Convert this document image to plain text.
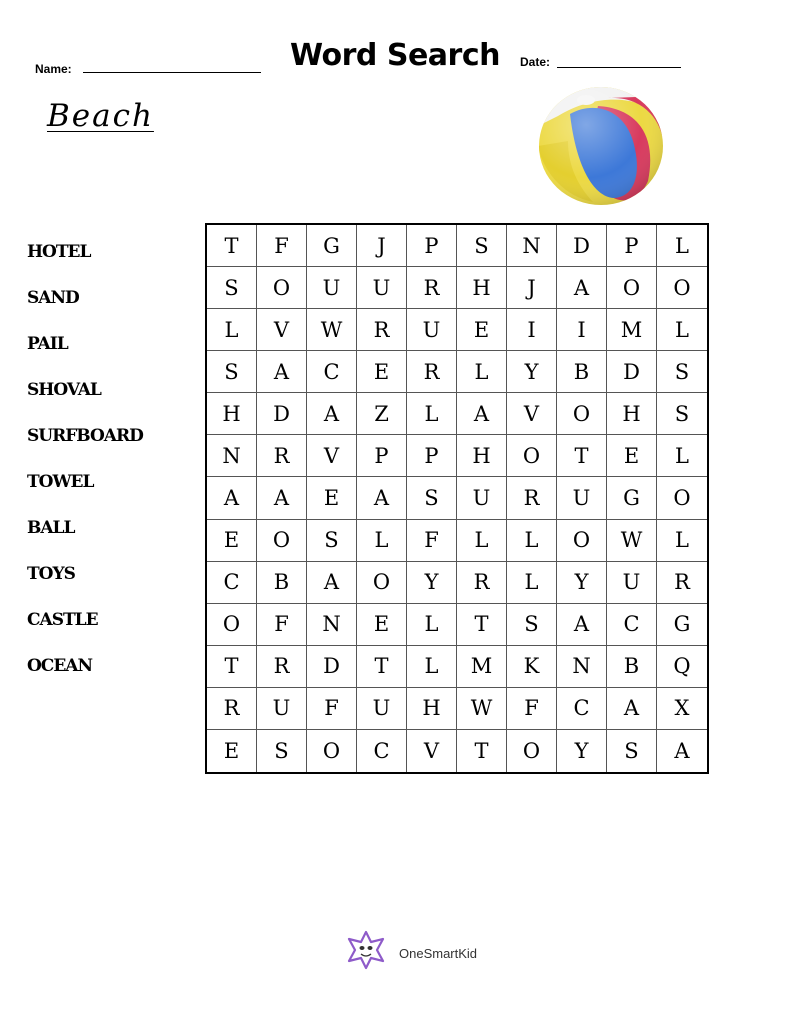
Name:	Word Search Date:
Beach
HOTEL
SAND
PAIL
SHOVAL
SURFBOARD
TOWEL
BALL
TOYS
CASTLE
OCEAN
T	F	G	J	P	S	N	D	P	L
S	O	U	U	R	H	J	A	O	O
L	V	W	R	U	E	I	I	M	L
S	A	C	E	R	L	Y	B	D	S
H	D	A	Z	L	A	V	O	H	S
N	R	V	P	P	H	O	T	E	L
A	A	E	A	S	U	R	U	G	O
E	O	S	L	F	L	L	O	W	L
C	B	A	O	Y	R	L	Y	U	R
O	F	N	E	L	T	S	A	C	G
T	R	D	T	L	M	K	N	B	Q
R	U	F	U	H	W	F	C	A	X
E	S	O	C	V	T	O	Y	S	A
OneSmartKid
